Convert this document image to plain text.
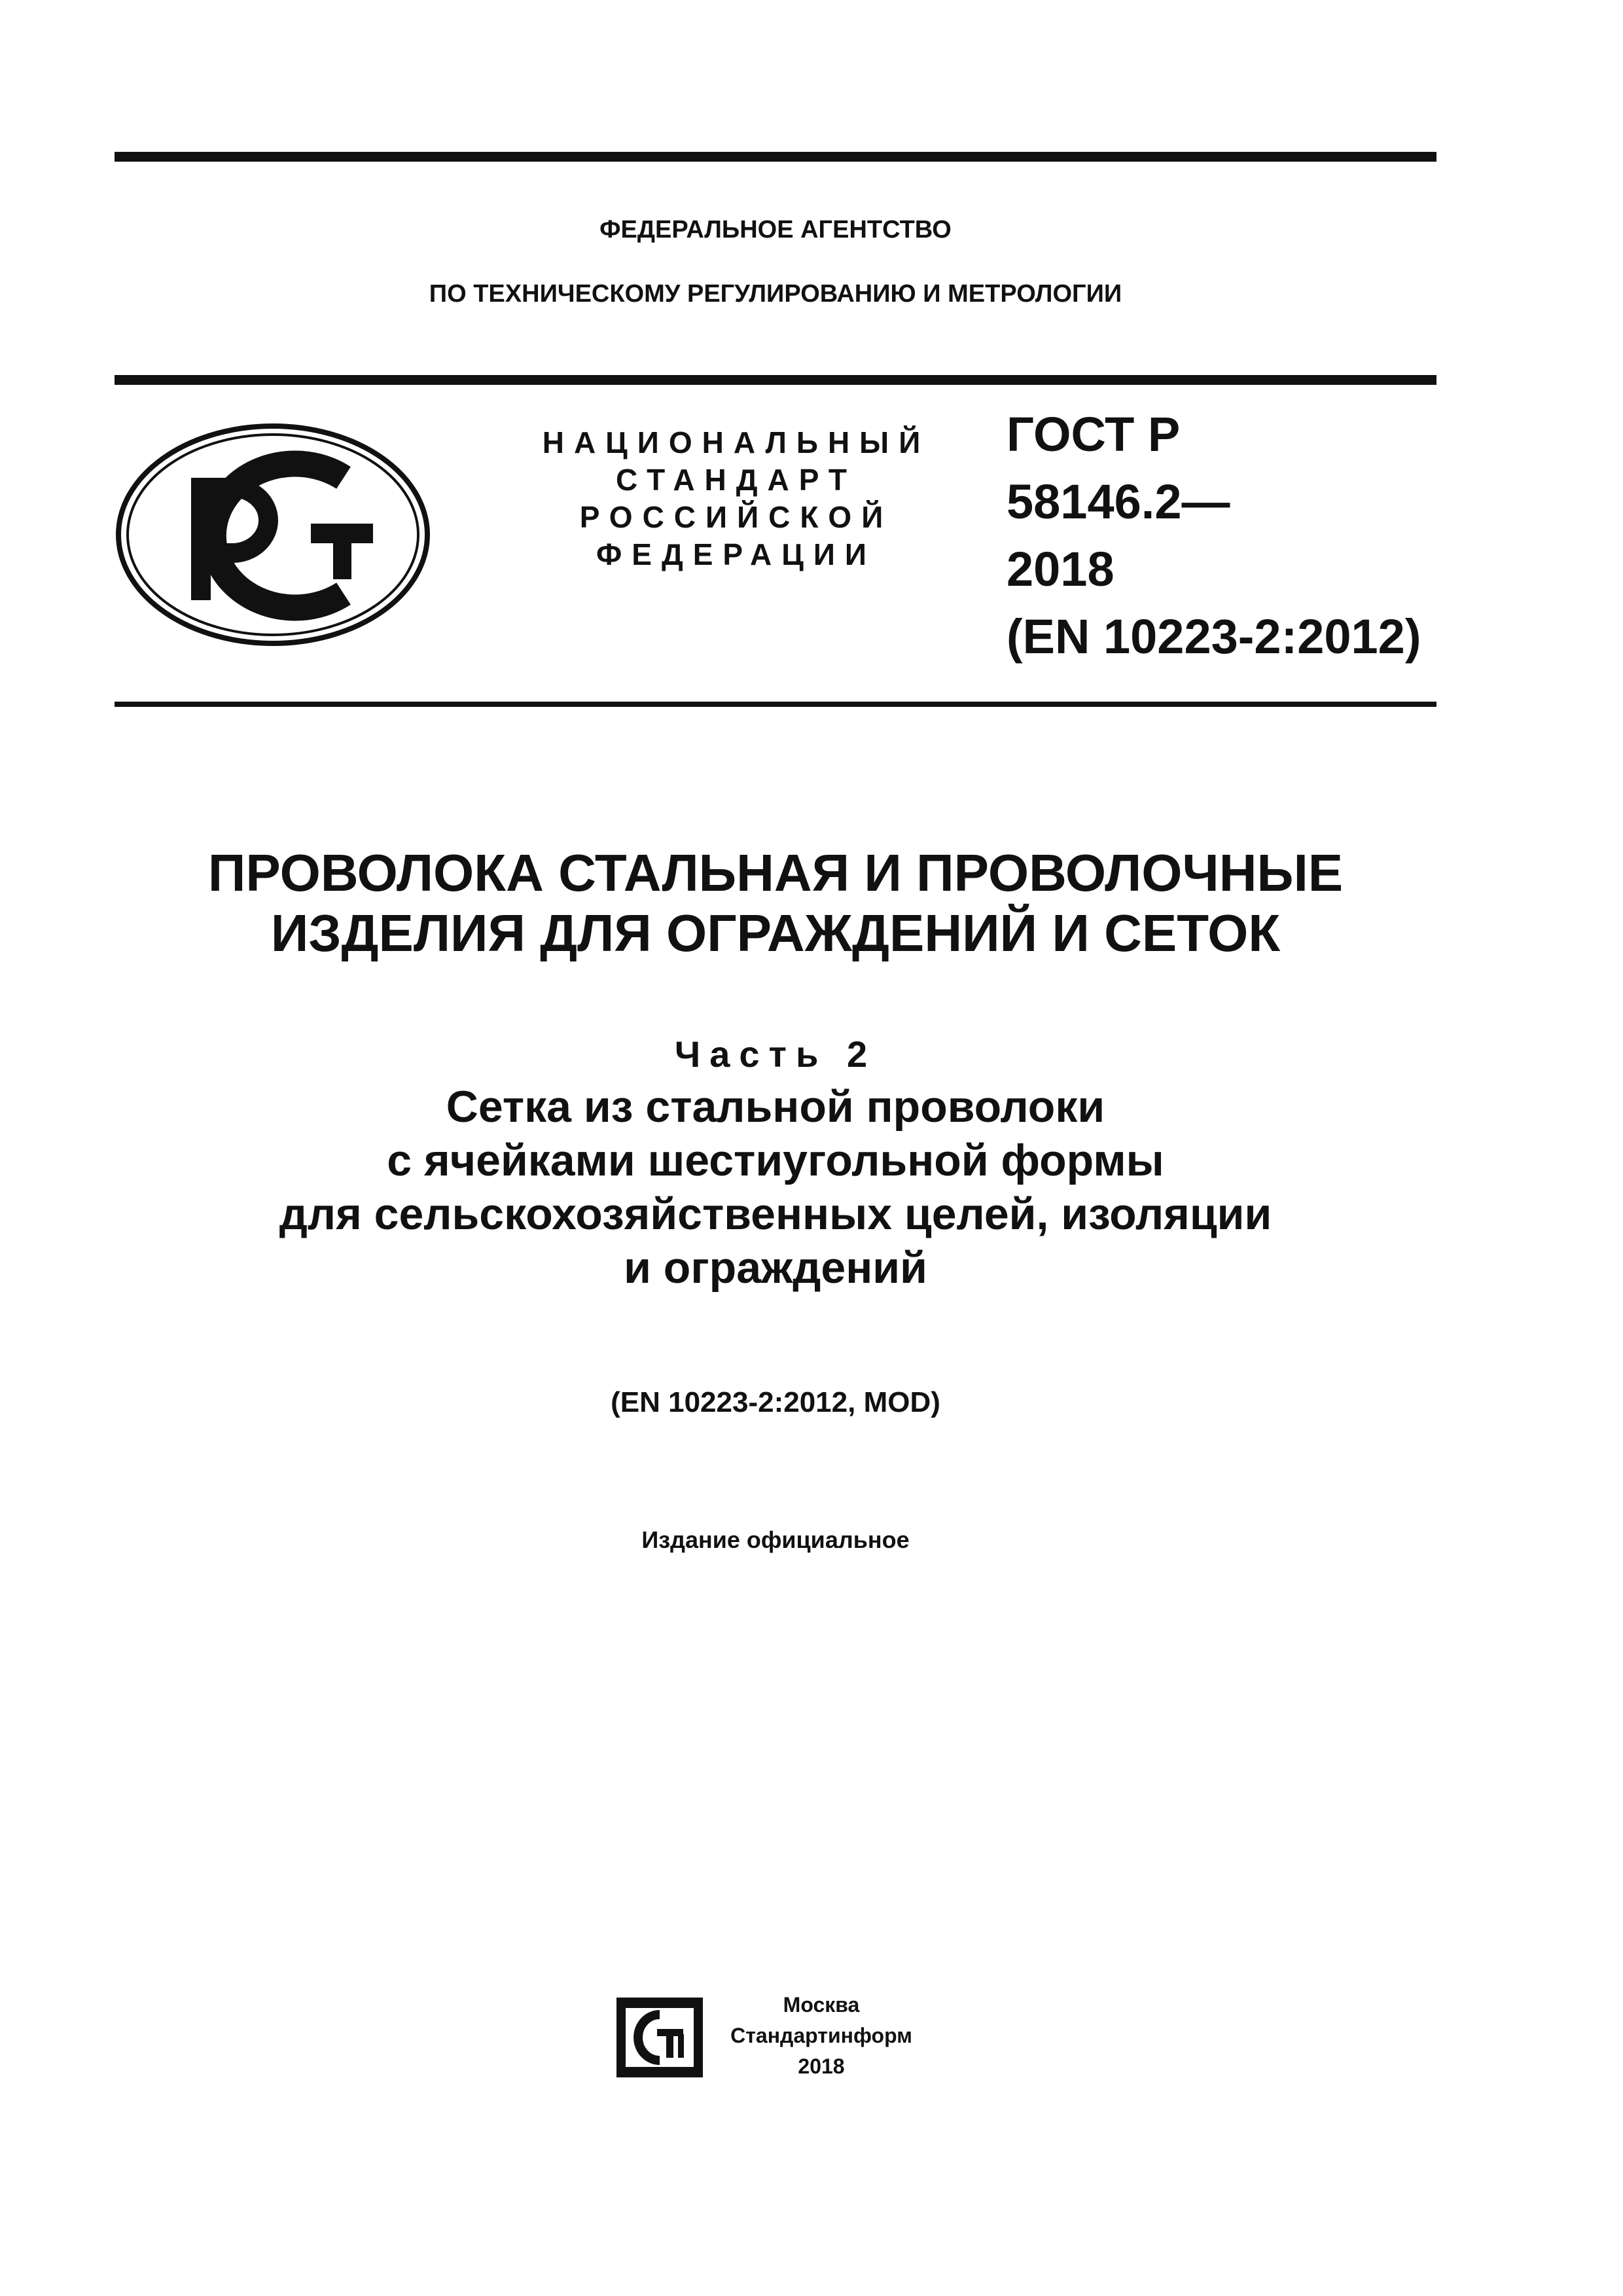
ФЕДЕРАЛЬНОЕ АГЕНТСТВО
ПО ТЕХНИЧЕСКОМУ РЕГУЛИРОВАНИЮ И МЕТРОЛОГИИ
НАЦИОНАЛЬНЫЙ
СТАНДАРТ
РОССИЙСКОЙ
ФЕДЕРАЦИИ
ГОСТ Р
58146.2—
2018
(EN 10223-2:2012)
ПРОВОЛОКА СТАЛЬНАЯ И ПРОВОЛОЧНЫЕ
ИЗДЕЛИЯ ДЛЯ ОГРАЖДЕНИЙ И СЕТОК
Часть 2
Сетка из стальной проволоки
с ячейками шестиугольной формы
для сельскохозяйственных целей, изоляции
и ограждений
(EN 10223-2:2012, MOD)
Издание официальное
Москва
Стандартинформ
2018
